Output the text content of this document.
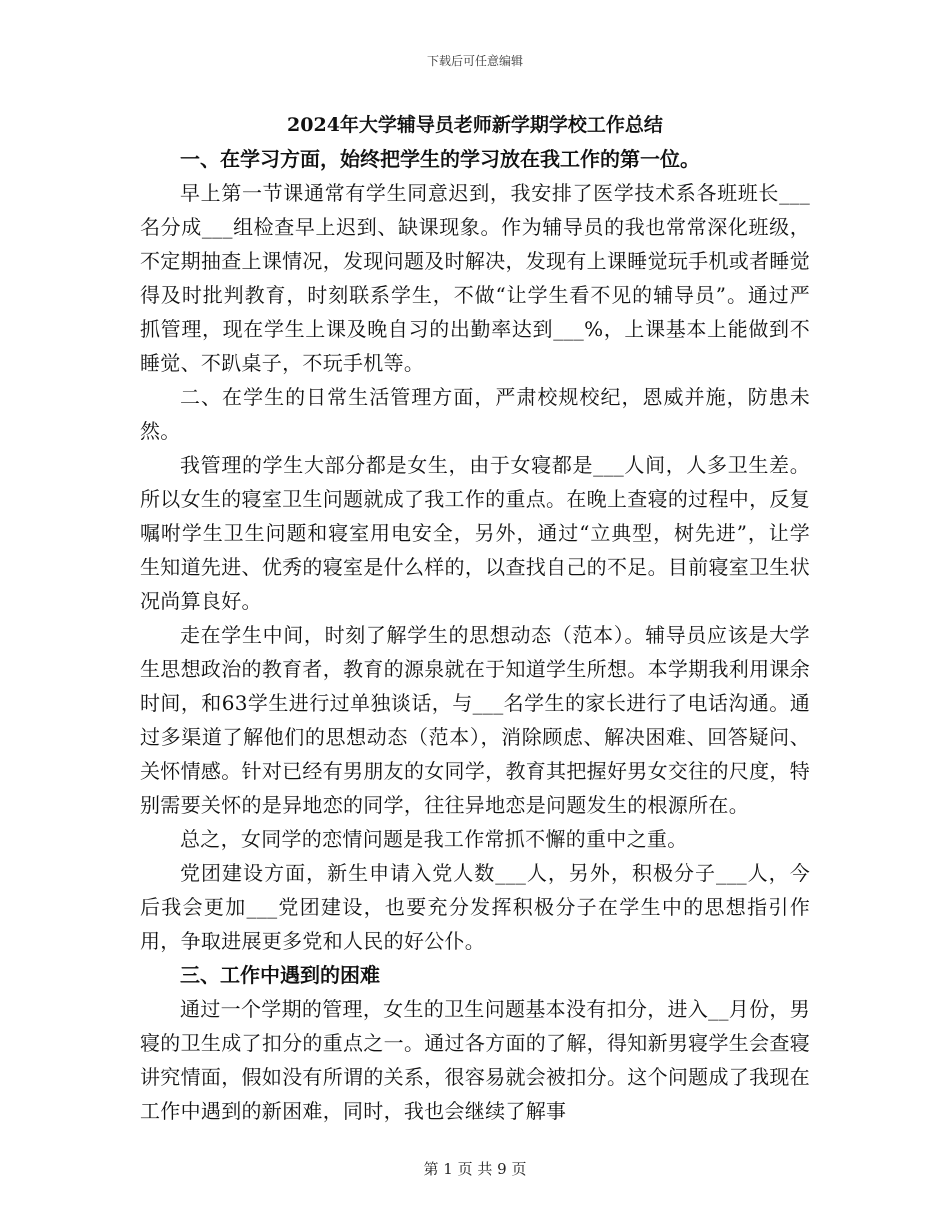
下载后可任意编辑

2024年大学辅导员老师新学期学校工作总结

一、在学习方面，始终把学生的学习放在我工作的第一位。

早上第一节课通常有学生同意迟到，我安排了医学技术系各班班长___名分成___组检查早上迟到、缺课现象。作为辅导员的我也常常深化班级，不定期抽查上课情况，发现问题及时解决，发现有上课睡觉玩手机或者睡觉得及时批判教育，时刻联系学生，不做“让学生看不见的辅导员”。通过严抓管理，现在学生上课及晚自习的出勤率达到___%，上课基本上能做到不睡觉、不趴桌子，不玩手机等。

二、在学生的日常生活管理方面，严肃校规校纪，恩威并施，防患未然。

我管理的学生大部分都是女生，由于女寝都是___人间，人多卫生差。所以女生的寝室卫生问题就成了我工作的重点。在晚上查寝的过程中，反复嘱咐学生卫生问题和寝室用电安全，另外，通过“立典型，树先进”，让学生知道先进、优秀的寝室是什么样的，以查找自己的不足。目前寝室卫生状况尚算良好。

走在学生中间，时刻了解学生的思想动态（范本）。辅导员应该是大学生思想政治的教育者，教育的源泉就在于知道学生所想。本学期我利用课余时间，和63学生进行过单独谈话，与___名学生的家长进行了电话沟通。通过多渠道了解他们的思想动态（范本），消除顾虑、解决困难、回答疑问、关怀情感。针对已经有男朋友的女同学，教育其把握好男女交往的尺度，特别需要关怀的是异地恋的同学，往往异地恋是问题发生的根源所在。

总之，女同学的恋情问题是我工作常抓不懈的重中之重。

党团建设方面，新生申请入党人数___人，另外，积极分子___人，今后我会更加___党团建设，也要充分发挥积极分子在学生中的思想指引作用，争取进展更多党和人民的好公仆。

三、工作中遇到的困难

通过一个学期的管理，女生的卫生问题基本没有扣分，进入__月份，男寝的卫生成了扣分的重点之一。通过各方面的了解，得知新男寝学生会查寝讲究情面，假如没有所谓的关系，很容易就会被扣分。这个问题成了我现在工作中遇到的新困难，同时，我也会继续了解事

第 1 页 共 9 页
